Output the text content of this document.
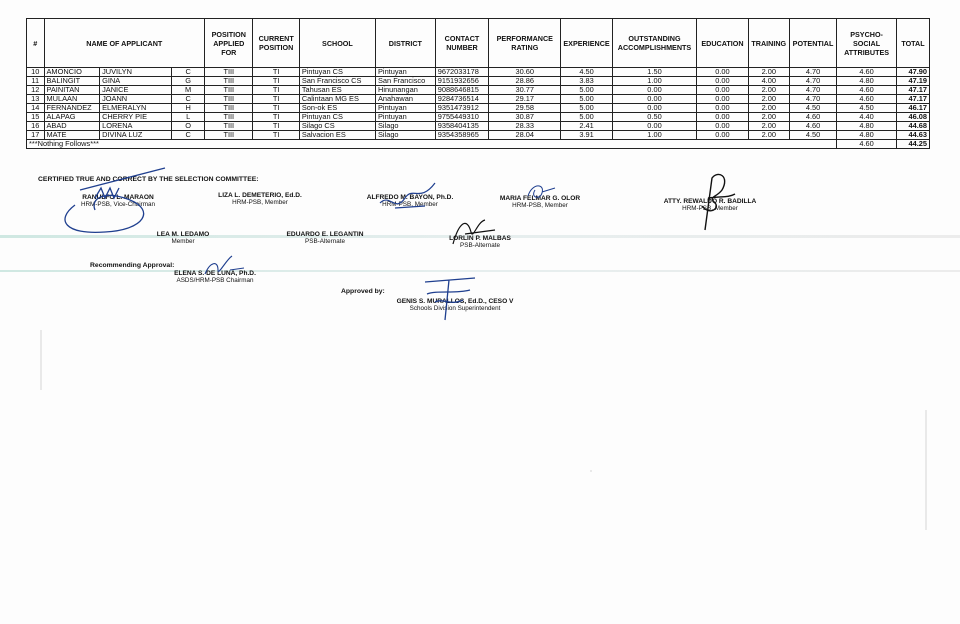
#	NAME OF APPLICANT			POSITION APPLIED FOR	CURRENT POSITION	SCHOOL	DISTRICT	CONTACT NUMBER	PERFORMANCE RATING	EXPERIENCE	OUTSTANDING ACCOMPLISHMENTS	EDUCATION	TRAINING	POTENTIAL	PSYCHO-SOCIAL ATTRIBUTES	TOTAL
10	AMONCIO	JUVILYN	C	TIII	TI	Pintuyan CS	Pintuyan	9672033178	30.60	4.50	1.50	0.00	2.00	4.70	4.60	47.90
11	BALINGIT	GINA	G	TIII	TI	San Francisco CS	San Francisco	9151932656	28.86	3.83	1.00	0.00	4.00	4.70	4.80	47.19
12	PAINITAN	JANICE	M	TIII	TI	Tahusan ES	Hinunangan	9088646815	30.77	5.00	0.00	0.00	2.00	4.70	4.60	47.17
13	MULAAN	JOANN	C	TIII	TI	Calintaan MG ES	Anahawan	9284736514	29.17	5.00	0.00	0.00	2.00	4.70	4.60	47.17
14	FERNANDEZ	ELMERALYN	H	TIII	TI	Son-ok ES	Pintuyan	9351473912	29.58	5.00	0.00	0.00	2.00	4.50	4.50	46.17
15	ALAPAG	CHERRY PIE	L	TIII	TI	Pintuyan CS	Pintuyan	9755449310	30.87	5.00	0.50	0.00	2.00	4.60	4.40	46.08
16	ABAD	LORENA	O	TIII	TI	Silago CS	Silago	9358404135	28.33	2.41	0.00	0.00	2.00	4.60	4.80	44.68
17	MATE	DIVINA LUZ	C	TIII	TI	Salvacion ES	Silago	9354358965	28.04	3.91	1.00	0.00	2.00	4.50	4.80	44.63
***Nothing Follows***															4.60	44.25
CERTIFIED TRUE AND CORRECT BY THE SELECTION COMMITTEE:
RANULFO L. MARAON
HRM-PSB, Vice-Chairman
LIZA L. DEMETERIO, Ed.D.
HRM-PSB, Member
ALFREDO M. BAYON, Ph.D.
HRM-PSB, Member
MARIA FELMAR G. OLOR
HRM-PSB, Member
ATTY. REWALDO R. BADILLA
HRM-PSB, Member
LEA M. LEDAMO
Member
EDUARDO E. LEGANTIN
PSB-Alternate	LORLIN P. MALBAS
PSB-Alternate
Recommending Approval:
ELENA S. DE LUNA, Ph.D.
ASDS/HRM-PSB Chairman
Approved by:
GENIS S. MURALLOS, Ed.D., CESO V
Schools Division Superintendent
